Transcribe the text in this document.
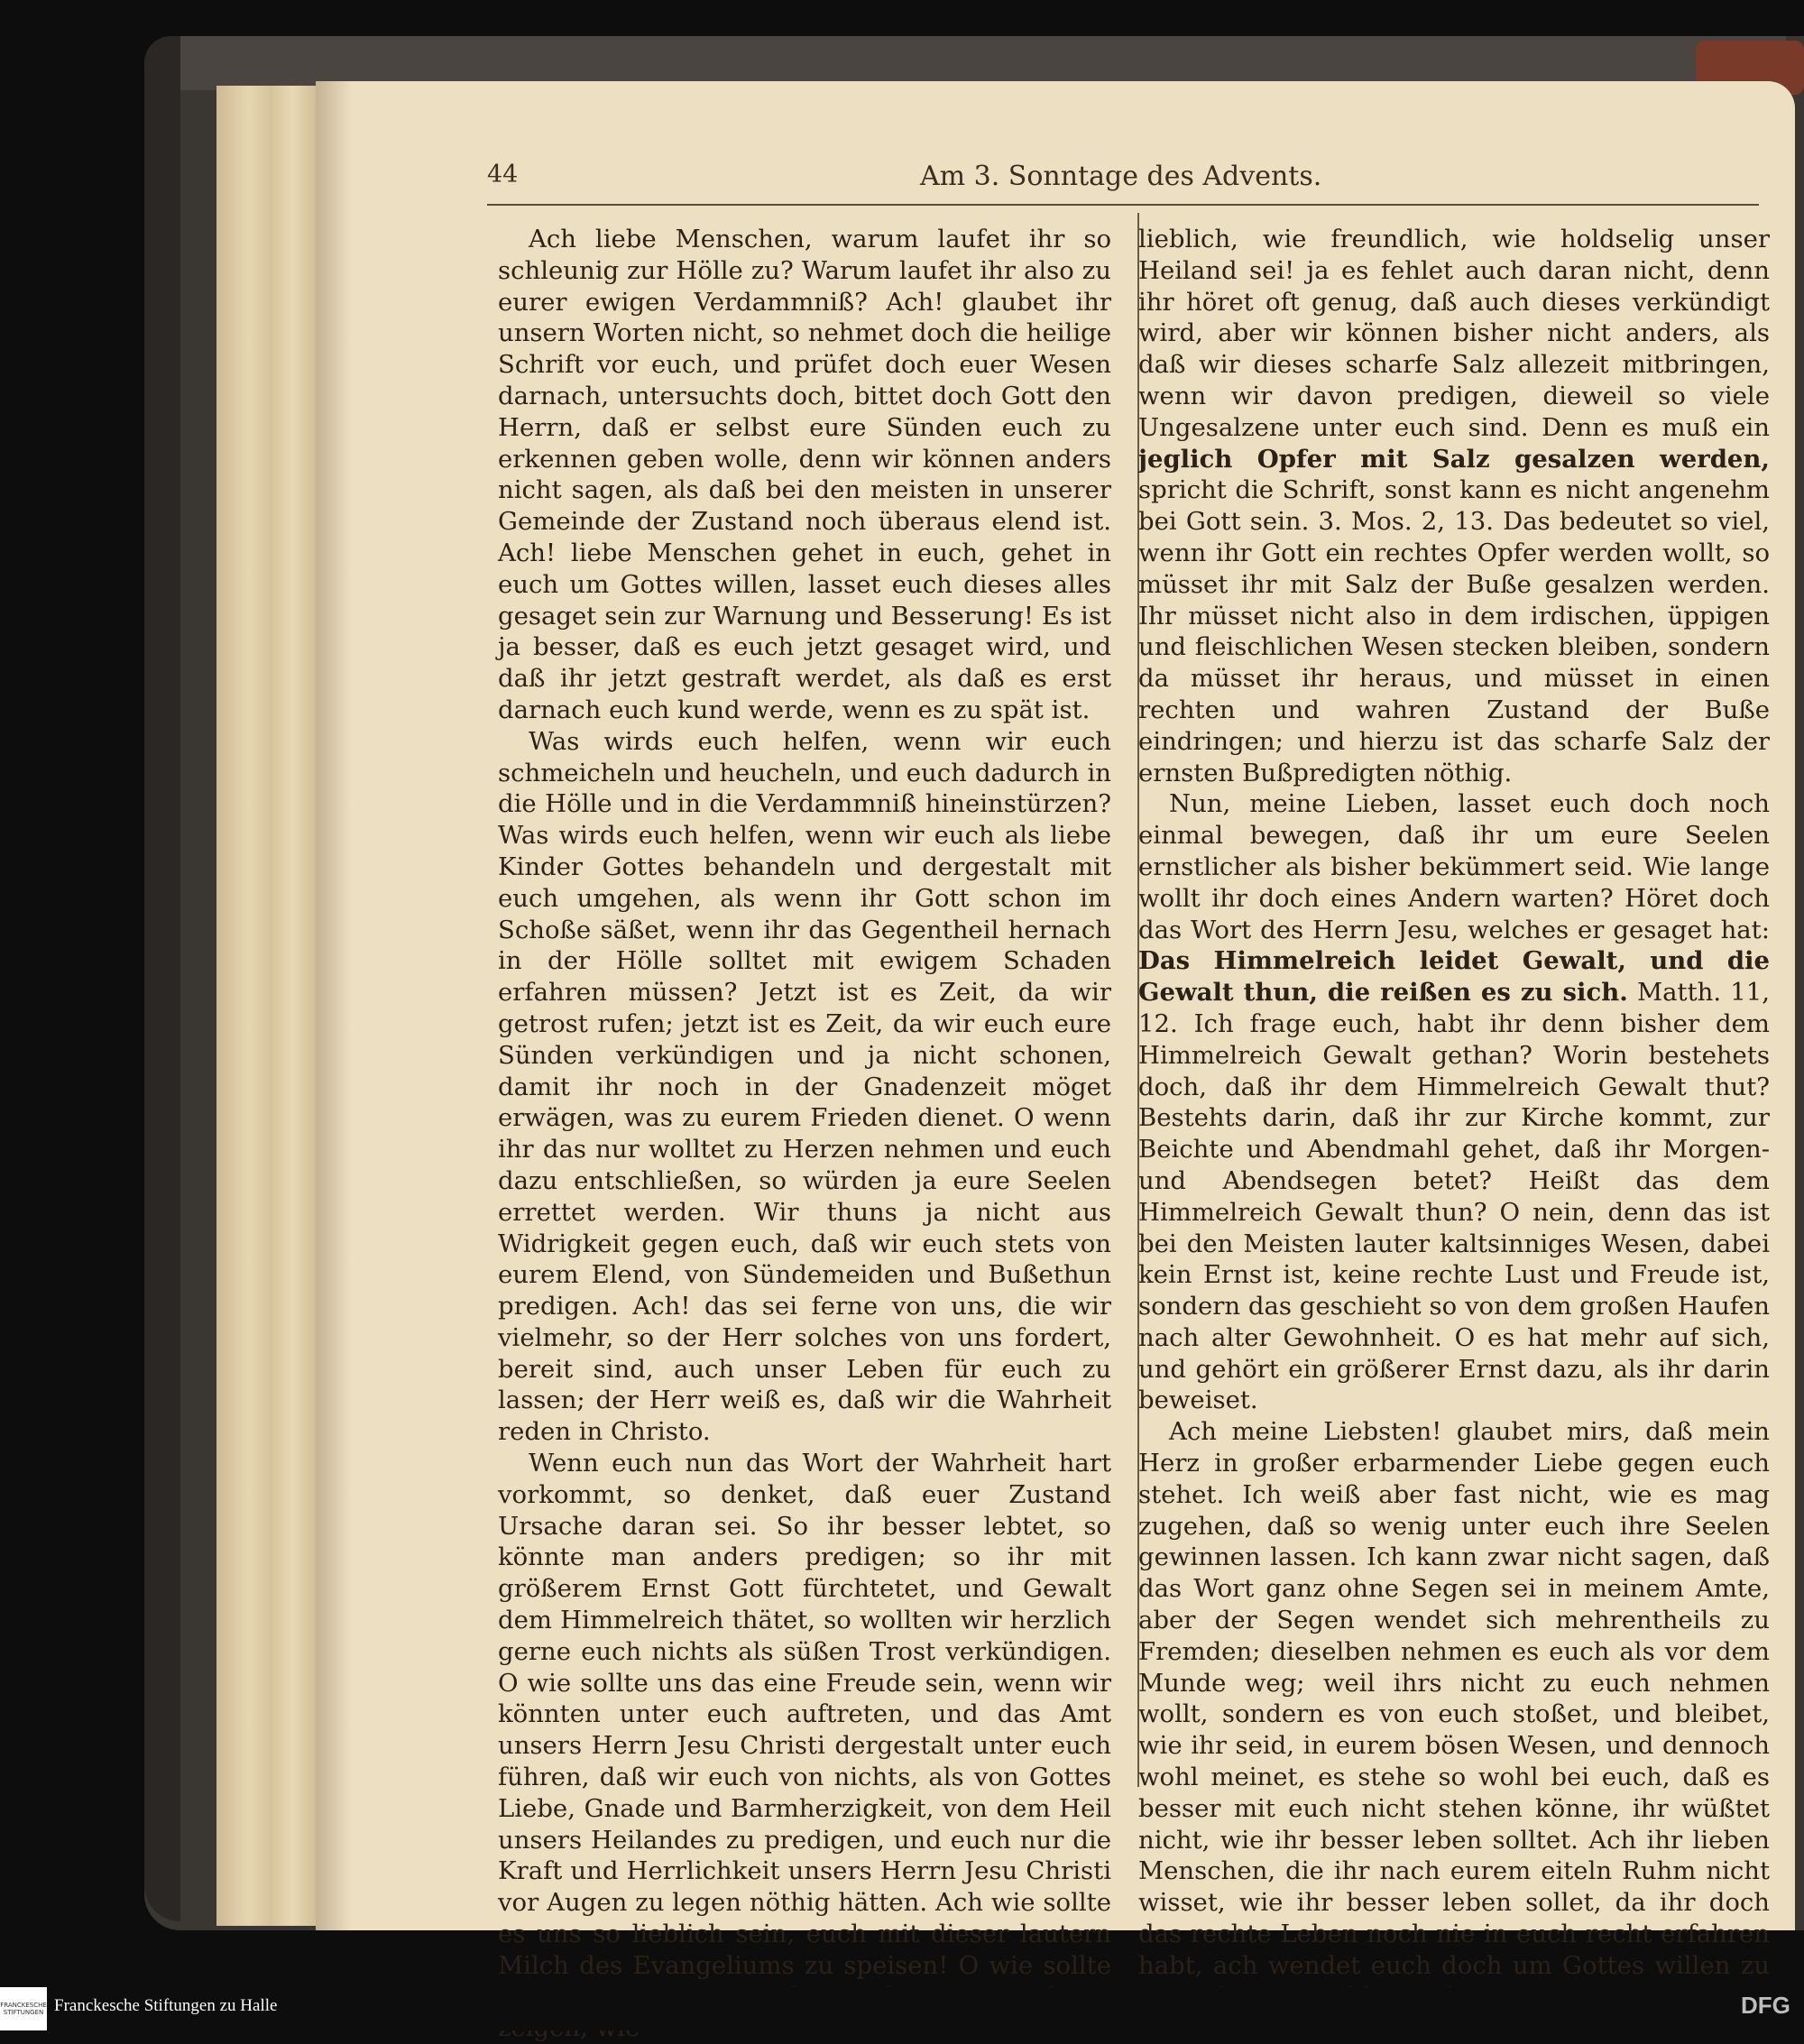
44	Am 3. Sonntage des Advents.

Ach liebe Menschen, warum laufet ihr so schleunig zur Hölle zu? Warum laufet ihr also zu eurer ewigen Verdammniß? Ach! glaubet ihr unsern Worten nicht, so nehmet doch die heilige Schrift vor euch, und prüfet doch euer Wesen darnach, untersuchts doch, bittet doch Gott den Herrn, daß er selbst eure Sünden euch zu erkennen geben wolle, denn wir können anders nicht sagen, als daß bei den meisten in unserer Gemeinde der Zustand noch überaus elend ist. Ach! liebe Menschen gehet in euch, gehet in euch um Gottes willen, lasset euch dieses alles gesaget sein zur Warnung und Besserung! Es ist ja besser, daß es euch jetzt gesaget wird, und daß ihr jetzt gestraft werdet, als daß es erst darnach euch kund werde, wenn es zu spät ist.

Was wirds euch helfen, wenn wir euch schmeicheln und heucheln, und euch dadurch in die Hölle und in die Verdammniß hineinstürzen? Was wirds euch helfen, wenn wir euch als liebe Kinder Gottes behandeln und dergestalt mit euch umgehen, als wenn ihr Gott schon im Schoße säßet, wenn ihr das Gegentheil hernach in der Hölle solltet mit ewigem Schaden erfahren müssen? Jetzt ist es Zeit, da wir getrost rufen; jetzt ist es Zeit, da wir euch eure Sünden verkündigen und ja nicht schonen, damit ihr noch in der Gnadenzeit möget erwägen, was zu eurem Frieden dienet. O wenn ihr das nur wolltet zu Herzen nehmen und euch dazu entschließen, so würden ja eure Seelen errettet werden. Wir thuns ja nicht aus Widrigkeit gegen euch, daß wir euch stets von eurem Elend, von Sündemeiden und Bußethun predigen. Ach! das sei ferne von uns, die wir vielmehr, so der Herr solches von uns fordert, bereit sind, auch unser Leben für euch zu lassen; der Herr weiß es, daß wir die Wahrheit reden in Christo.

Wenn euch nun das Wort der Wahrheit hart vorkommt, so denket, daß euer Zustand Ursache daran sei. So ihr besser lebtet, so könnte man anders predigen; so ihr mit größerem Ernst Gott fürchtetet, und Gewalt dem Himmelreich thätet, so wollten wir herzlich gerne euch nichts als süßen Trost verkündigen. O wie sollte uns das eine Freude sein, wenn wir könnten unter euch auftreten, und das Amt unsers Herrn Jesu Christi dergestalt unter euch führen, daß wir euch von nichts, als von Gottes Liebe, Gnade und Barmherzigkeit, von dem Heil unsers Heilandes zu predigen, und euch nur die Kraft und Herrlichkeit unsers Herrn Jesu Christi vor Augen zu legen nöthig hätten. Ach wie sollte es uns so lieblich sein, euch mit dieser lautern Milch des Evangeliums zu speisen! O wie sollte

lieblich, wie freundlich, wie holdselig unser Heiland sei! ja es fehlet auch daran nicht, denn ihr höret oft genug, daß auch dieses verkündigt wird, aber wir können bisher nicht anders, als daß wir dieses scharfe Salz allezeit mitbringen, wenn wir davon predigen, dieweil so viele Ungesalzene unter euch sind. Denn es muß ein jeglich Opfer mit Salz gesalzen werden, spricht die Schrift, sonst kann es nicht angenehm bei Gott sein. 3. Mos. 2, 13. Das bedeutet so viel, wenn ihr Gott ein rechtes Opfer werden wollt, so müsset ihr mit Salz der Buße gesalzen werden. Ihr müsset nicht also in dem irdischen, üppigen und fleischlichen Wesen stecken bleiben, sondern da müsset ihr heraus, und müsset in einen rechten und wahren Zustand der Buße eindringen; und hierzu ist das scharfe Salz der ernsten Bußpredigten nöthig.

Nun, meine Lieben, lasset euch doch noch einmal bewegen, daß ihr um eure Seelen ernstlicher als bisher bekümmert seid. Wie lange wollt ihr doch eines Andern warten? Höret doch das Wort des Herrn Jesu, welches er gesaget hat: Das Himmelreich leidet Gewalt, und die Gewalt thun, die reißen es zu sich. Matth. 11, 12. Ich frage euch, habt ihr denn bisher dem Himmelreich Gewalt gethan? Worin bestehets doch, daß ihr dem Himmelreich Gewalt thut? Bestehts darin, daß ihr zur Kirche kommt, zur Beichte und Abendmahl gehet, daß ihr Morgen- und Abendsegen betet? Heißt das dem Himmelreich Gewalt thun? O nein, denn das ist bei den Meisten lauter kaltsinniges Wesen, dabei kein Ernst ist, keine rechte Lust und Freude ist, sondern das geschieht so von dem großen Haufen nach alter Gewohnheit. O es hat mehr auf sich, und gehört ein größerer Ernst dazu, als ihr darin beweiset.

Ach meine Liebsten! glaubet mirs, daß mein Herz in großer erbarmender Liebe gegen euch stehet. Ich weiß aber fast nicht, wie es mag zugehen, daß so wenig unter euch ihre Seelen gewinnen lassen. Ich kann zwar nicht sagen, daß das Wort ganz ohne Segen sei in meinem Amte, aber der Segen wendet sich mehrentheils zu Fremden; dieselben nehmen es euch als vor dem Munde weg; weil ihrs nicht zu euch nehmen wollt, sondern es von euch stoßet, und bleibet, wie ihr seid, in eurem bösen Wesen, und dennoch wohl meinet, es stehe so wohl bei euch, daß es besser mit euch nicht stehen könne, ihr wüßtet nicht, wie ihr besser leben solltet. Ach ihr lieben Menschen, die ihr nach eurem eiteln Ruhm nicht wisset, wie ihr besser leben sollet, da ihr doch das rechte Leben noch nie in euch recht erfahren habt, ach wendet euch doch um Gottes willen zu

FRANCKESCHE STIFTUNGEN Franckesche Stiftungen zu Halle	DFG
